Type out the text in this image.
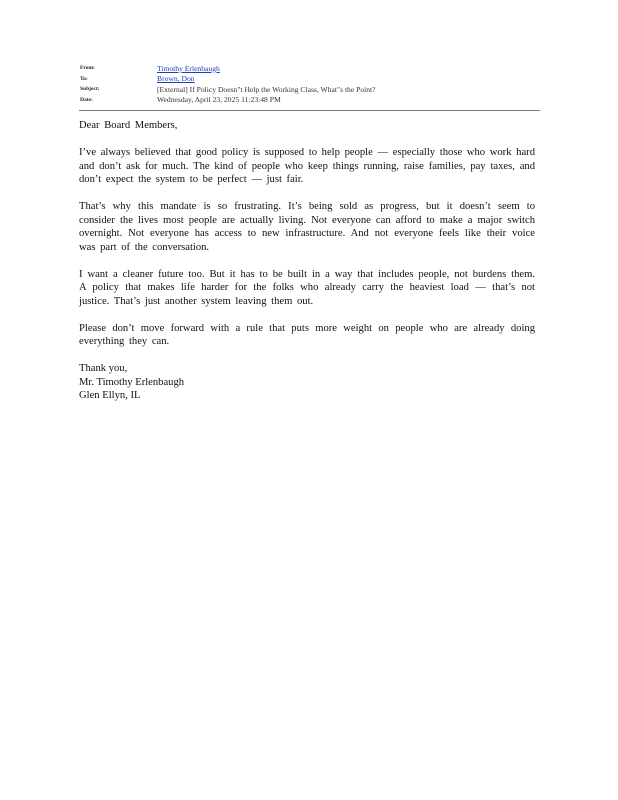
From:	Timothy Erlenbaugh
To:	Brown, Don
Subject:	[External] If Policy Doesn"t Help the Working Class, What"s the Point?
Date:	Wednesday, April 23, 2025 11:23:48 PM

Dear Board Members,

I’ve always believed that good policy is supposed to help people — especially those who work hard and don’t ask for much. The kind of people who keep things running, raise families, pay taxes, and don’t expect the system to be perfect — just fair.

That’s why this mandate is so frustrating. It’s being sold as progress, but it doesn’t seem to consider the lives most people are actually living. Not everyone can afford to make a major switch overnight. Not everyone has access to new infrastructure. And not everyone feels like their voice was part of the conversation.

I want a cleaner future too. But it has to be built in a way that includes people, not burdens them. A policy that makes life harder for the folks who already carry the heaviest load — that’s not justice. That’s just another system leaving them out.

Please don’t move forward with a rule that puts more weight on people who are already doing everything they can.

Thank you,
Mr. Timothy Erlenbaugh
Glen Ellyn, IL
